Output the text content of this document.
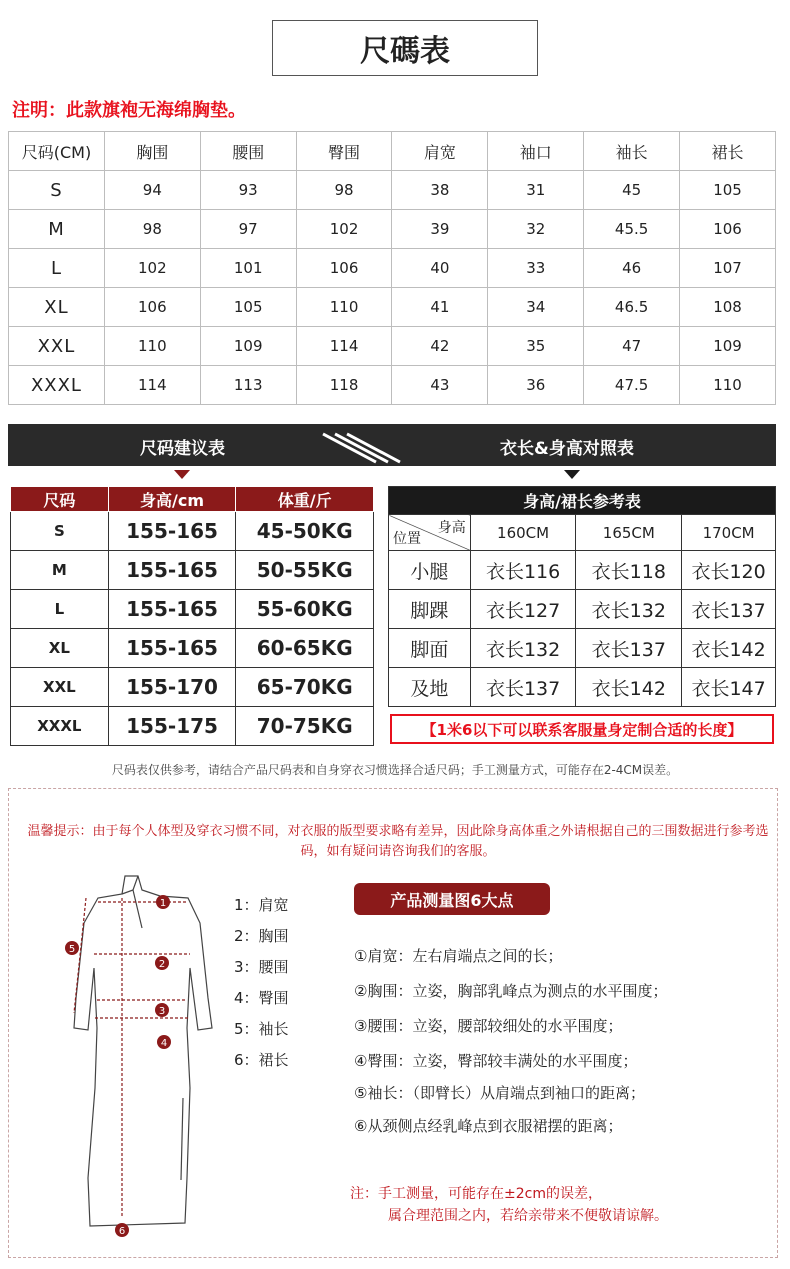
尺碼表
注明：此款旗袍无海绵胸垫。
尺码(CM)	胸围	腰围	臀围	肩宽	袖口	袖长	裙长
S	94	93	98	38	31	45	105
M	98	97	102	39	32	45.5	106
L	102	101	106	40	33	46	107
XL	106	105	110	41	34	46.5	108
XXL	110	109	114	42	35	47	109
XXXL	114	113	118	43	36	47.5	110
尺码建议表	衣长&身高对照表
尺码	身高/cm	体重/斤
S	155-165	45-50KG
M	155-165	50-55KG
L	155-165	55-60KG
XL	155-165	60-65KG
XXL	155-170	65-70KG
XXXL	155-175	70-75KG
身高/裙长参考表			

身高
位置	160CM	165CM	170CM
小腿	衣长116	衣长118	衣长120
脚踝	衣长127	衣长132	衣长137
脚面	衣长132	衣长137	衣长142
及地	衣长137	衣长142	衣长147
【1米6以下可以联系客服量身定制合适的长度】
尺码表仅供参考，请结合产品尺码表和自身穿衣习惯选择合适尺码；手工测量方式，可能存在2-4CM误差。
温馨提示：由于每个人体型及穿衣习惯不同，对衣服的版型要求略有差异，因此除身高体重之外请根据自己的三围数据进行参考选码，如有疑问请咨询我们的客服。
1
2
3
4
5
6
1：肩宽
2：胸围
3：腰围
4：臀围
5：袖长
6：裙长
产品测量图6大点
①肩宽：左右肩端点之间的长；
②胸围：立姿，胸部乳峰点为测点的水平围度；
③腰围：立姿，腰部较细处的水平围度；
④臀围：立姿，臀部较丰满处的水平围度；
⑤袖长：（即臂长）从肩端点到袖口的距离；
⑥从颈侧点经乳峰点到衣服裙摆的距离；
注：手工测量，可能存在±2cm的误差，
属合理范围之内，若给亲带来不便敬请谅解。
